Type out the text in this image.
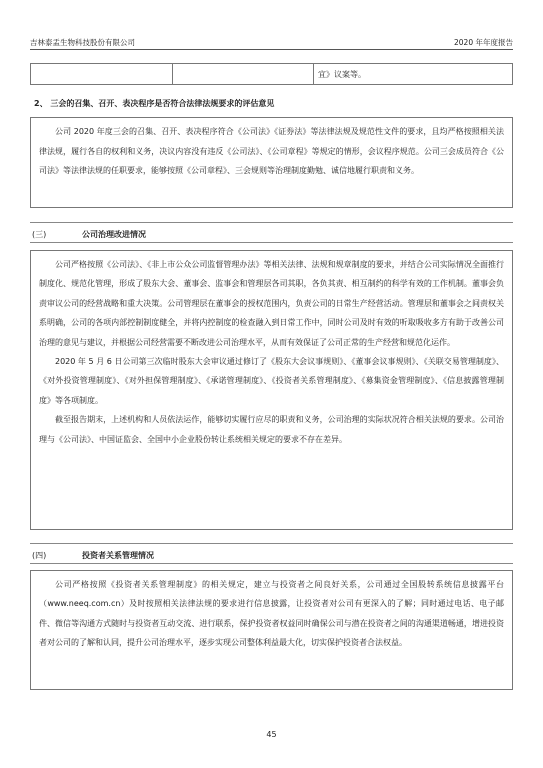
吉林泰盂生物科技股份有限公司	2020 年年度报告
宜》议案等。
2、 三会的召集、召开、表决程序是否符合法律法规要求的评估意见

公司 2020 年度三会的召集、召开、表决程序符合《公司法》《证券法》等法律法规及规范性文件的要求，且均严格按照相关法律法规，履行各自的权利和义务，决议内容没有违反《公司法》、《公司章程》等规定的情形，会议程序规范。公司三会成员符合《公司法》等法律法规的任职要求，能够按照《公司章程》、三会规则等治理制度勤勉、诚信地履行职责和义务。

(三)	公司治理改进情况

公司严格按照《公司法》、《非上市公众公司监督管理办法》等相关法律、法规和规章制度的要求，并结合公司实际情况全面推行制度化、规范化管理，形成了股东大会、董事会、监事会和管理层各司其职，各负其责、相互制约的科学有效的工作机制。董事会负责审议公司的经营战略和重大决策。公司管理层在董事会的授权范围内，负责公司的日常生产经营活动。管理层和董事会之间责权关系明确，公司的各项内部控制制度健全，并将内控制度的检查融入到日常工作中，同时公司及时有效的听取吸收多方有助于改善公司治理的意见与建议，并根据公司经营需要不断改进公司治理水平，从而有效保证了公司正常的生产经营和规范化运作。

2020 年 5 月 6 日公司第三次临时股东大会审议通过修订了《股东大会议事规则》、《董事会议事规则》、《关联交易管理制度》、《对外投资管理制度》、《对外担保管理制度》、《承诺管理制度》、《投资者关系管理制度》、《募集资金管理制度》、《信息披露管理制度》等各项制度。

截至报告期末，上述机构和人员依法运作，能够切实履行应尽的职责和义务，公司治理的实际状况符合相关法规的要求。公司治理与《公司法》、中国证监会、全国中小企业股份转让系统相关规定的要求不存在差异。

(四)	投资者关系管理情况

公司严格按照《投资者关系管理制度》的相关规定，建立与投资者之间良好关系，公司通过全国股转系统信息披露平台（www.neeq.com.cn）及时按照相关法律法规的要求进行信息披露，让投资者对公司有更深入的了解；同时通过电话、电子邮件、微信等沟通方式随时与投资者互动交流、进行联系，保护投资者权益同时确保公司与潜在投资者之间的沟通渠道畅通，增进投资者对公司的了解和认同，提升公司治理水平，逐步实现公司整体利益最大化，切实保护投资者合法权益。

45
